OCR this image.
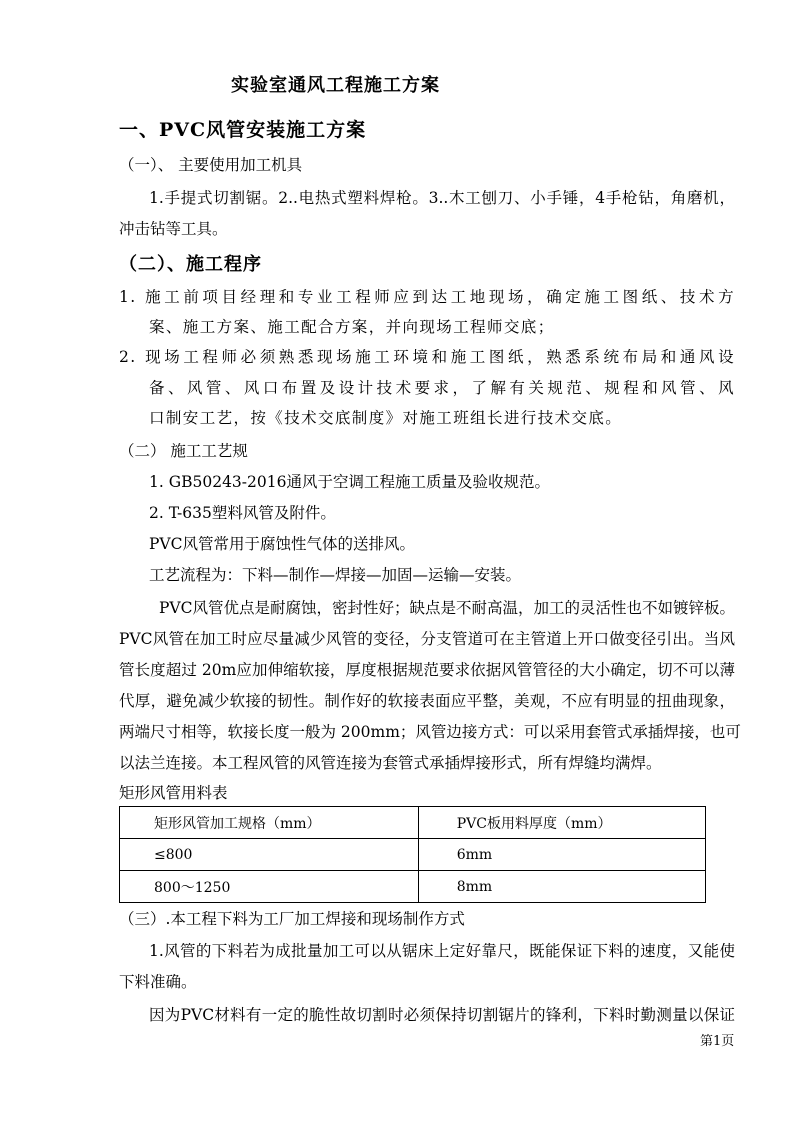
实验室通风工程施工方案
一、PVC风管安装施工方案
（一）、 主要使用加工机具
1.手提式切割锯。2..电热式塑料焊枪。3..木工刨刀、小手锤，4手枪钻，角磨机，
冲击钻等工具。
（二）、施工程序
1. 施工前项目经理和专业工程师应到达工地现场，确定施工图纸、技术方
案、施工方案、施工配合方案，并向现场工程师交底；
2. 现场工程师必须熟悉现场施工环境和施工图纸，熟悉系统布局和通风设
备、风管、风口布置及设计技术要求，了解有关规范、规程和风管、风
口制安工艺，按《技术交底制度》对施工班组长进行技术交底。
（二） 施工工艺规
1. GB50243-2016通风于空调工程施工质量及验收规范。
2. T-635塑料风管及附件。
PVC风管常用于腐蚀性气体的送排风。
工艺流程为：下料—制作—焊接—加固—运输—安装。
PVC风管优点是耐腐蚀，密封性好；缺点是不耐高温，加工的灵活性也不如镀锌板。
PVC风管在加工时应尽量减少风管的变径，分支管道可在主管道上开口做变径引出。当风
管长度超过 20m应加伸缩软接，厚度根据规范要求依据风管管径的大小确定，切不可以薄
代厚，避免减少软接的韧性。制作好的软接表面应平整，美观，不应有明显的扭曲现象，
两端尺寸相等，软接长度一般为 200mm；风管边接方式：可以采用套管式承插焊接，也可
以法兰连接。本工程风管的风管连接为套管式承插焊接形式，所有焊缝均满焊。
矩形风管用料表
矩形风管加工规格（mm）	PVC板用料厚度（mm）
≤800	6mm
800～1250	8mm
（三）.本工程下料为工厂加工焊接和现场制作方式
1.风管的下料若为成批量加工可以从锯床上定好靠尺，既能保证下料的速度，又能使
下料准确。
因为PVC材料有一定的脆性故切割时必须保持切割锯片的锋利，下料时勤测量以保证
第1页
